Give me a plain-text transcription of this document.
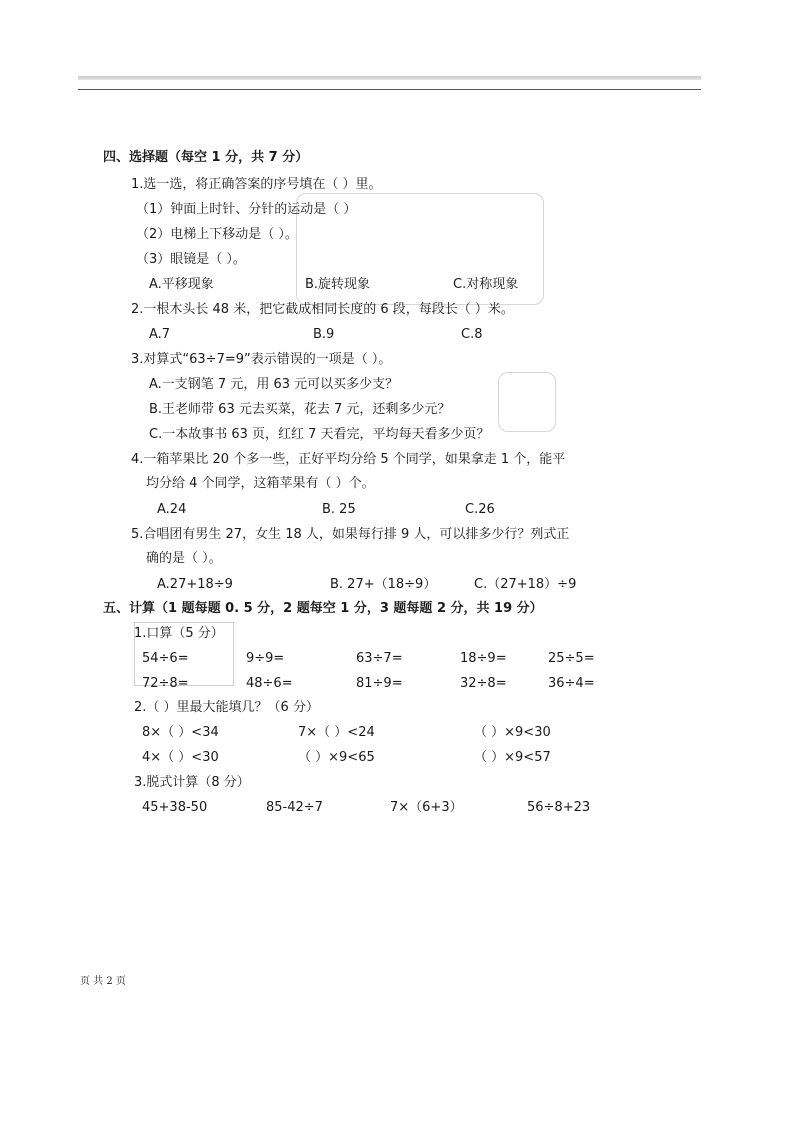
四、选择题（每空 1 分，共 7 分）
1.选一选，将正确答案的序号填在（ ）里。
（1）钟面上时针、分针的运动是（ ）
（2）电梯上下移动是（ ）。
（3）眼镜是（ ）。
A.平移现象	B.旋转现象	C.对称现象
2.一根木头长 48 米，把它截成相同长度的 6 段，每段长（ ）米。
A.7	B.9	C.8
3.对算式“63÷7=9”表示错误的一项是（ ）。
A.一支钢笔 7 元，用 63 元可以买多少支？
B.王老师带 63 元去买菜，花去 7 元，还剩多少元？
C.一本故事书 63 页，红红 7 天看完，平均每天看多少页？
4.一箱苹果比 20 个多一些，正好平均分给 5 个同学，如果拿走 1 个，能平
均分给 4 个同学，这箱苹果有（ ）个。
A.24	B. 25	C.26
5.合唱团有男生 27，女生 18 人，如果每行排 9 人，可以排多少行？列式正
确的是（ ）。
A.27+18÷9	B. 27+（18÷9）	C.（27+18）÷9
五、计算（1 题每题 0. 5 分，2 题每空 1 分，3 题每题 2 分，共 19 分）
1.口算（5 分）
54÷6=	9÷9=	63÷7=	18÷9=	25÷5=
72÷8=	48÷6=	81÷9=	32÷8=	36÷4=
2.（ ）里最大能填几？（6 分）
8×（ ）<34	7×（ ）<24	（ ）×9<30
4×（ ）<30	（ ）×9<65	（ ）×9<57
3.脱式计算（8 分）
45+38-50	85-42÷7	7×（6+3）	56÷8+23
页 共 2 页
